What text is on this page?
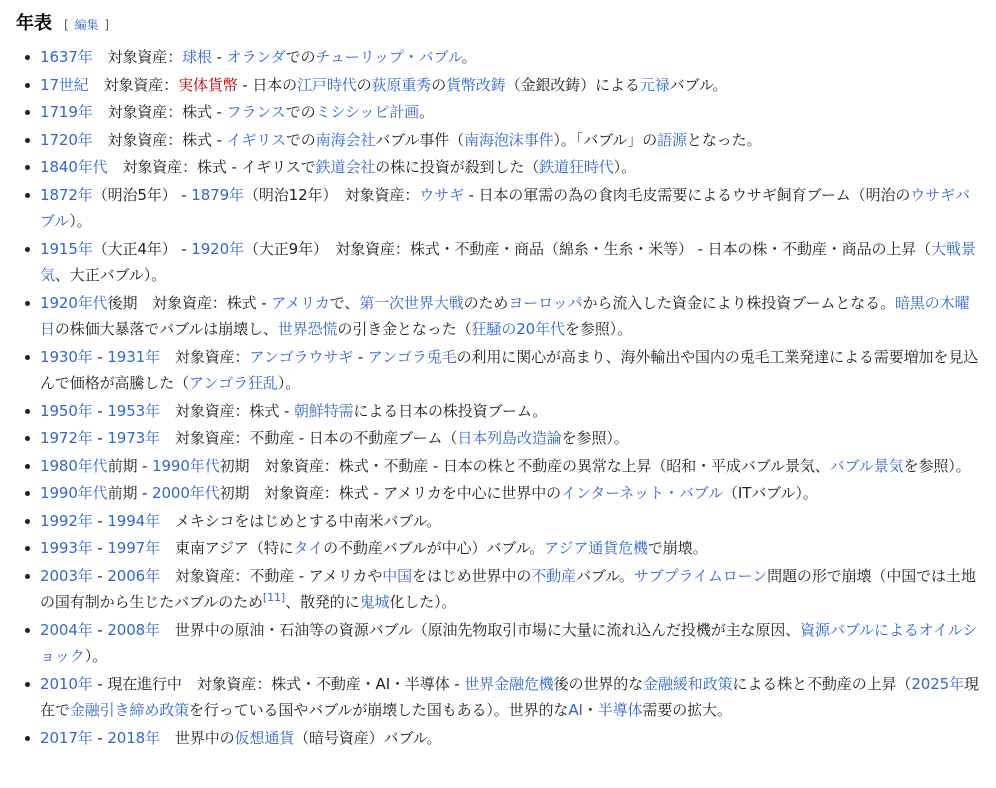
年表 [ 編集 ]
1637年　対象資産：球根 - オランダでのチューリップ・バブル。
17世紀　対象資産：実体貨幣 - 日本の江戸時代の荻原重秀の貨幣改鋳（金銀改鋳）による元禄バブル。
1719年　対象資産：株式 - フランスでのミシシッピ計画。
1720年　対象資産：株式 - イギリスでの南海会社バブル事件（南海泡沫事件）。「バブル」の語源となった。
1840年代　対象資産：株式 - イギリスで鉄道会社の株に投資が殺到した（鉄道狂時代）。
1872年（明治5年） - 1879年（明治12年）　対象資産：ウサギ - 日本の軍需の為の食肉毛皮需要によるウサギ飼育ブーム（明治のウサギバブル）。
1915年（大正4年） - 1920年（大正9年）　対象資産：株式・不動産・商品（綿糸・生糸・米等） - 日本の株・不動産・商品の上昇（大戦景気、大正バブル）。
1920年代後期　対象資産：株式 - アメリカで、第一次世界大戦のためヨーロッパから流入した資金により株投資ブームとなる。暗黒の木曜日の株価大暴落でバブルは崩壊し、世界恐慌の引き金となった（狂騒の20年代を参照）。
1930年 - 1931年　対象資産：アンゴラウサギ - アンゴラ兎毛の利用に関心が高まり、海外輸出や国内の兎毛工業発達による需要増加を見込んで価格が高騰した（アンゴラ狂乱）。
1950年 - 1953年　対象資産：株式 - 朝鮮特需による日本の株投資ブーム。
1972年 - 1973年　対象資産：不動産 - 日本の不動産ブーム（日本列島改造論を参照）。
1980年代前期 - 1990年代初期　対象資産：株式・不動産 - 日本の株と不動産の異常な上昇（昭和・平成バブル景気、バブル景気を参照）。
1990年代前期 - 2000年代初期　対象資産：株式 - アメリカを中心に世界中のインターネット・バブル（ITバブル）。
1992年 - 1994年　メキシコをはじめとする中南米バブル。
1993年 - 1997年　東南アジア（特にタイの不動産バブルが中心）バブル。アジア通貨危機で崩壊。
2003年 - 2006年　対象資産：不動産 - アメリカや中国をはじめ世界中の不動産バブル。サブプライムローン問題の形で崩壊（中国では土地の国有制から生じたバブルのため[11]、散発的に鬼城化した）。
2004年 - 2008年　世界中の原油・石油等の資源バブル（原油先物取引市場に大量に流れ込んだ投機が主な原因、資源バブルによるオイルショック）。
2010年 - 現在進行中　対象資産：株式・不動産・AI・半導体 - 世界金融危機後の世界的な金融緩和政策による株と不動産の上昇（2025年現在で金融引き締め政策を行っている国やバブルが崩壊した国もある）。世界的なAI・半導体需要の拡大。
2017年 - 2018年　世界中の仮想通貨（暗号資産）バブル。
